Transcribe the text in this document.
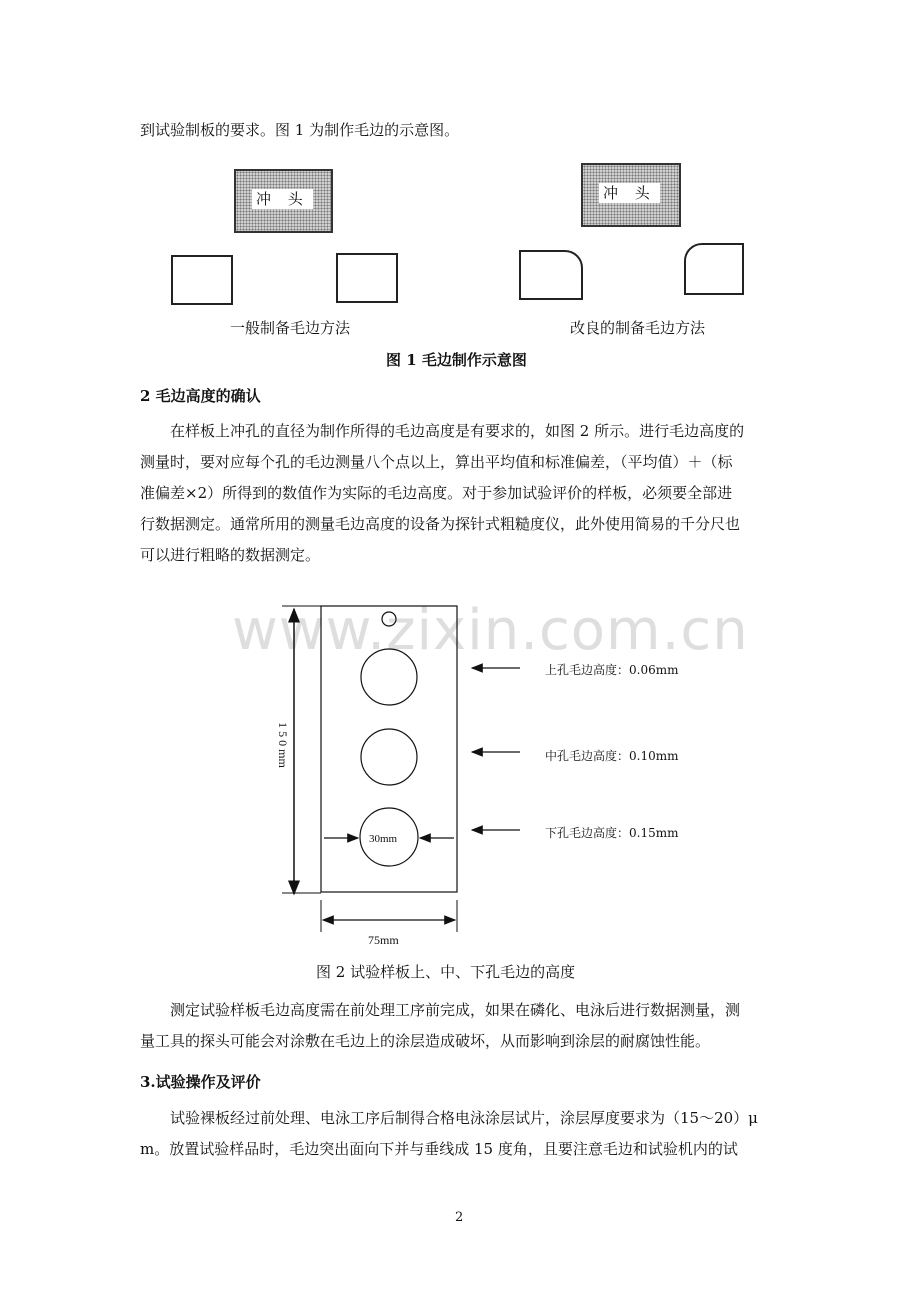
到试验制板的要求。图 1 为制作毛边的示意图。
冲 头
一般制备毛边方法
冲 头
改良的制备毛边方法
图 1 毛边制作示意图
2 毛边高度的确认
在样板上冲孔的直径为制作所得的毛边高度是有要求的，如图 2 所示。进行毛边高度的
测量时，要对应每个孔的毛边测量八个点以上，算出平均值和标准偏差，（平均值）＋（标
准偏差×2）所得到的数值作为实际的毛边高度。对于参加试验评价的样板，必须要全部进
行数据测定。通常所用的测量毛边高度的设备为探针式粗糙度仪，此外使用简易的千分尺也
可以进行粗略的数据测定。
www.zixin.com.cn
1 5 0 mm
30mm
75mm
上孔毛边高度：0.06mm
中孔毛边高度：0.10mm
下孔毛边高度：0.15mm
图 2 试验样板上、中、下孔毛边的高度
测定试验样板毛边高度需在前处理工序前完成，如果在磷化、电泳后进行数据测量，测
量工具的探头可能会对涂敷在毛边上的涂层造成破坏，从而影响到涂层的耐腐蚀性能。
3.试验操作及评价
试验裸板经过前处理、电泳工序后制得合格电泳涂层试片，涂层厚度要求为（15～20）μ
m。放置试验样品时，毛边突出面向下并与垂线成 15 度角，且要注意毛边和试验机内的试
2
